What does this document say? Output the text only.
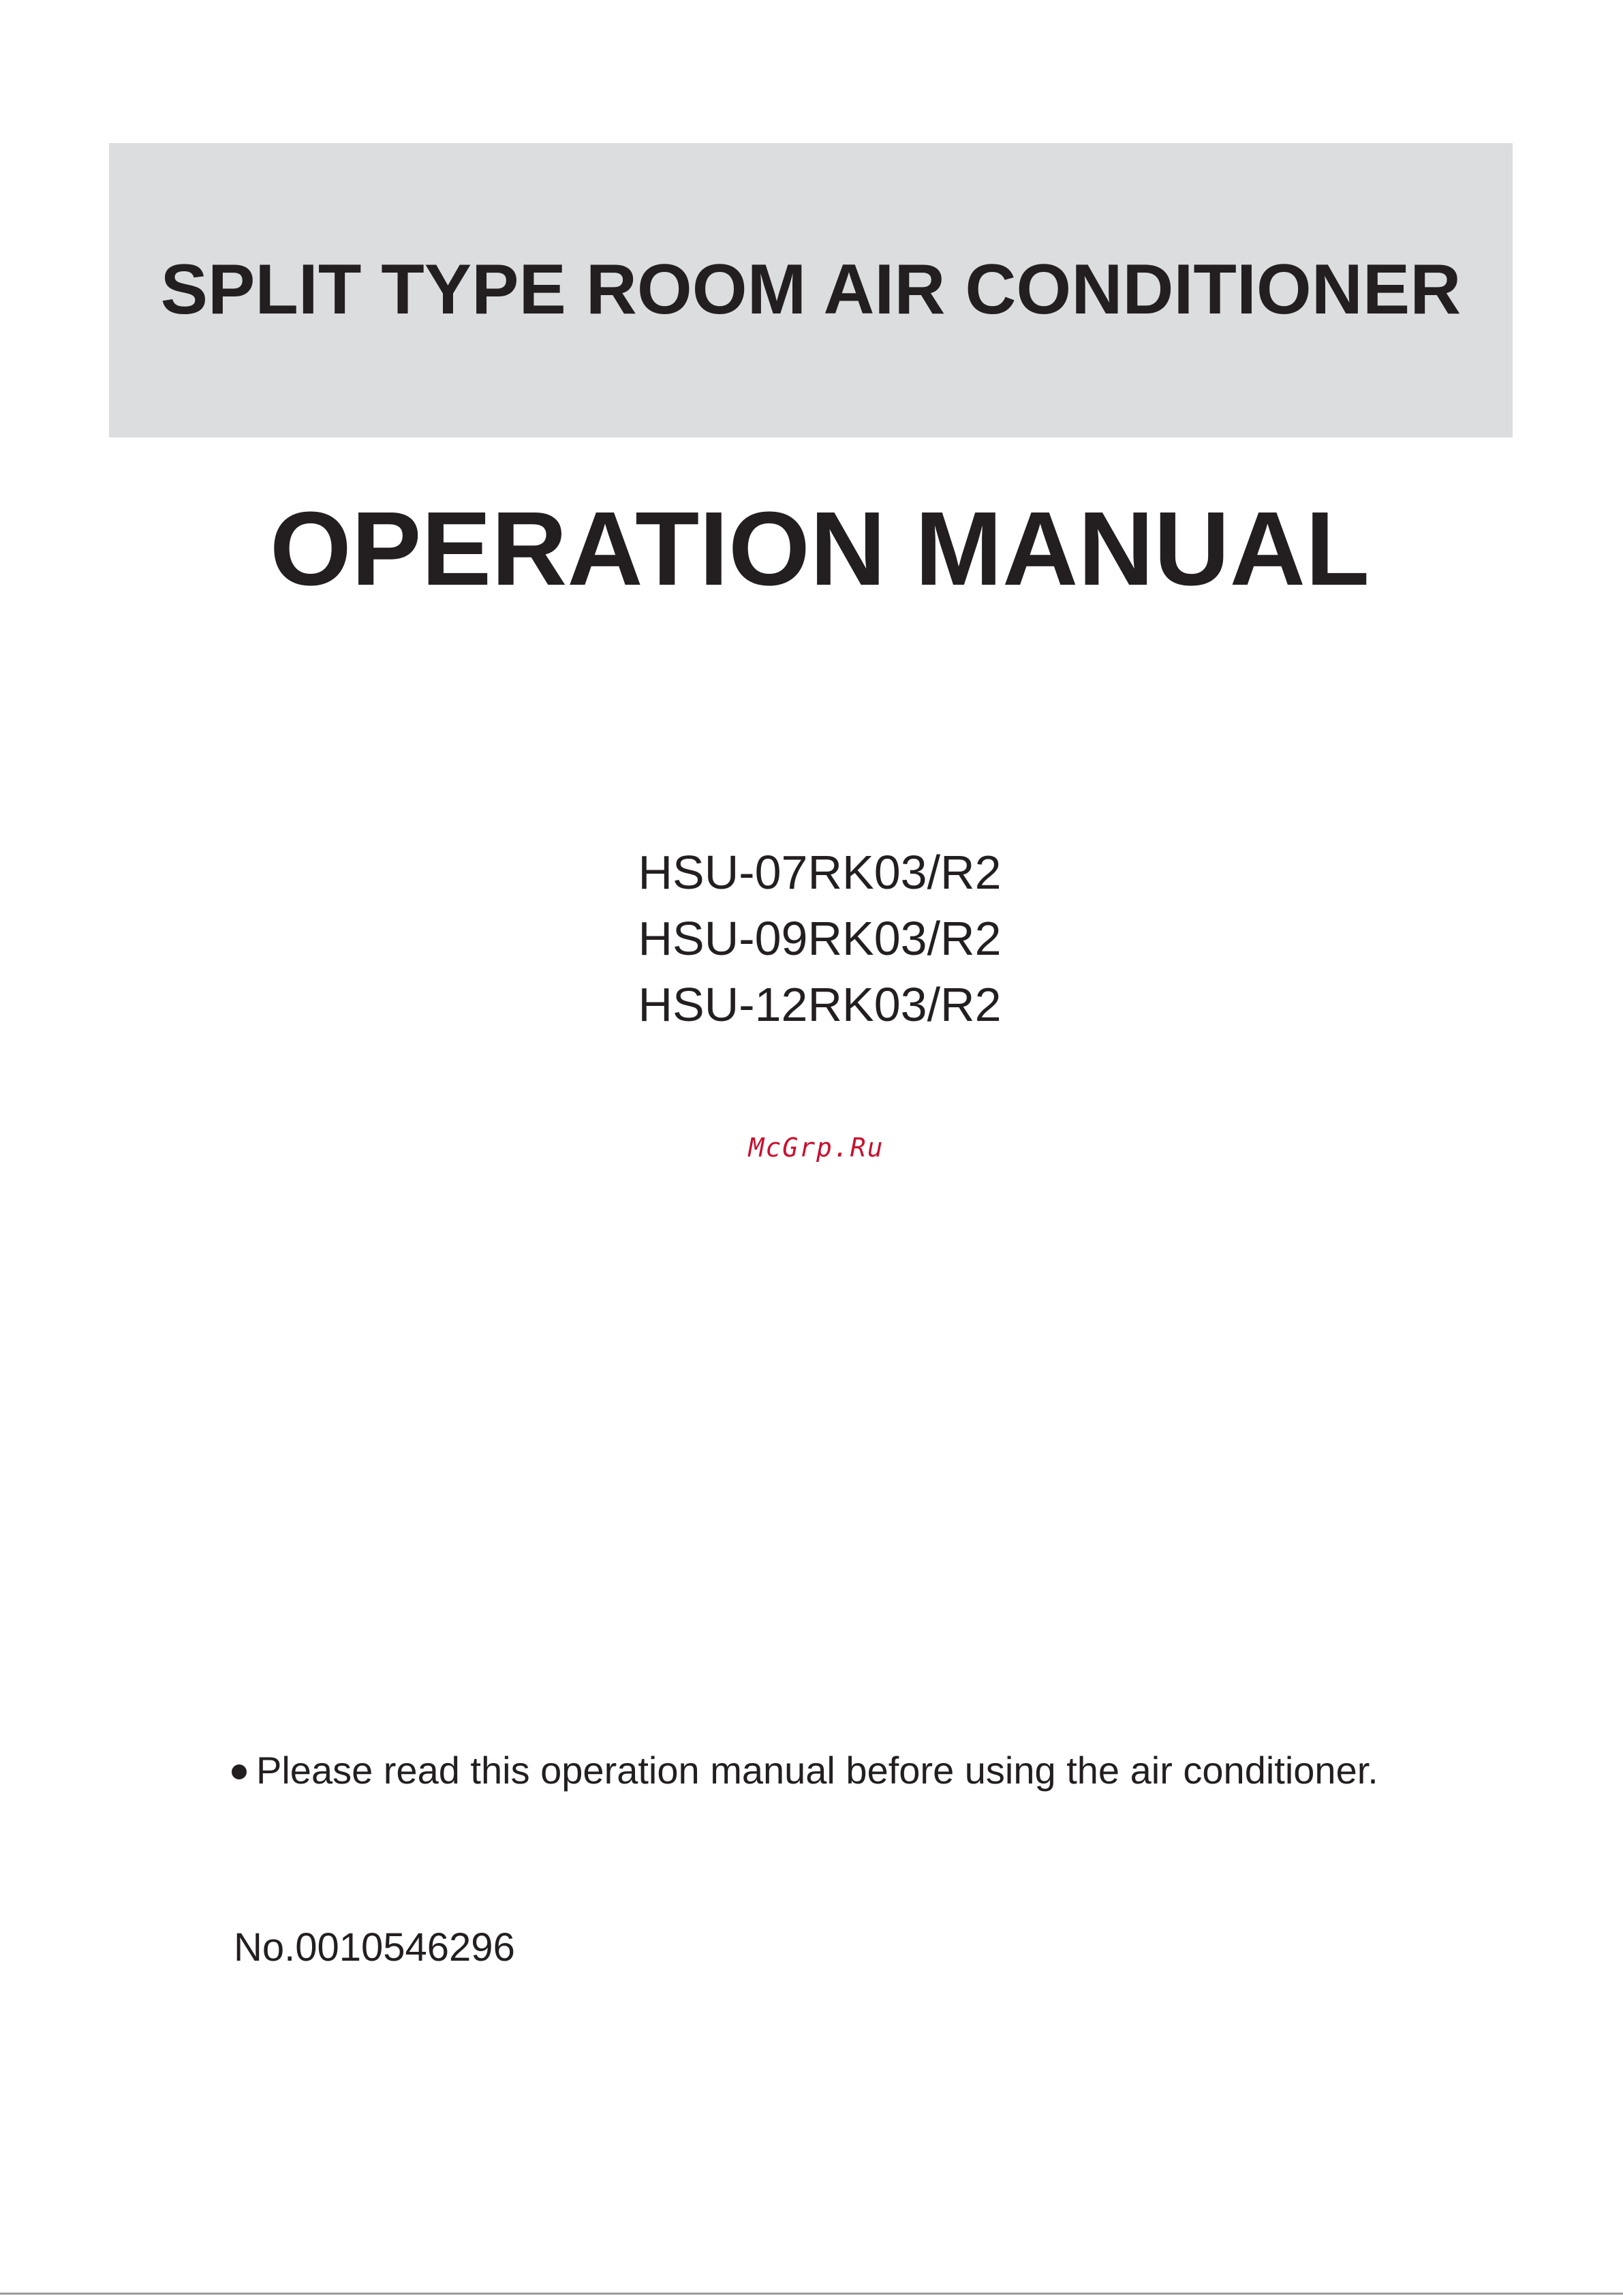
SPLIT TYPE ROOM AIR CONDITIONER
OPERATION MANUAL
HSU-07RK03/R2
HSU-09RK03/R2
HSU-12RK03/R2
McGrp.Ru
Please read this operation manual before using the air conditioner.
No.0010546296
